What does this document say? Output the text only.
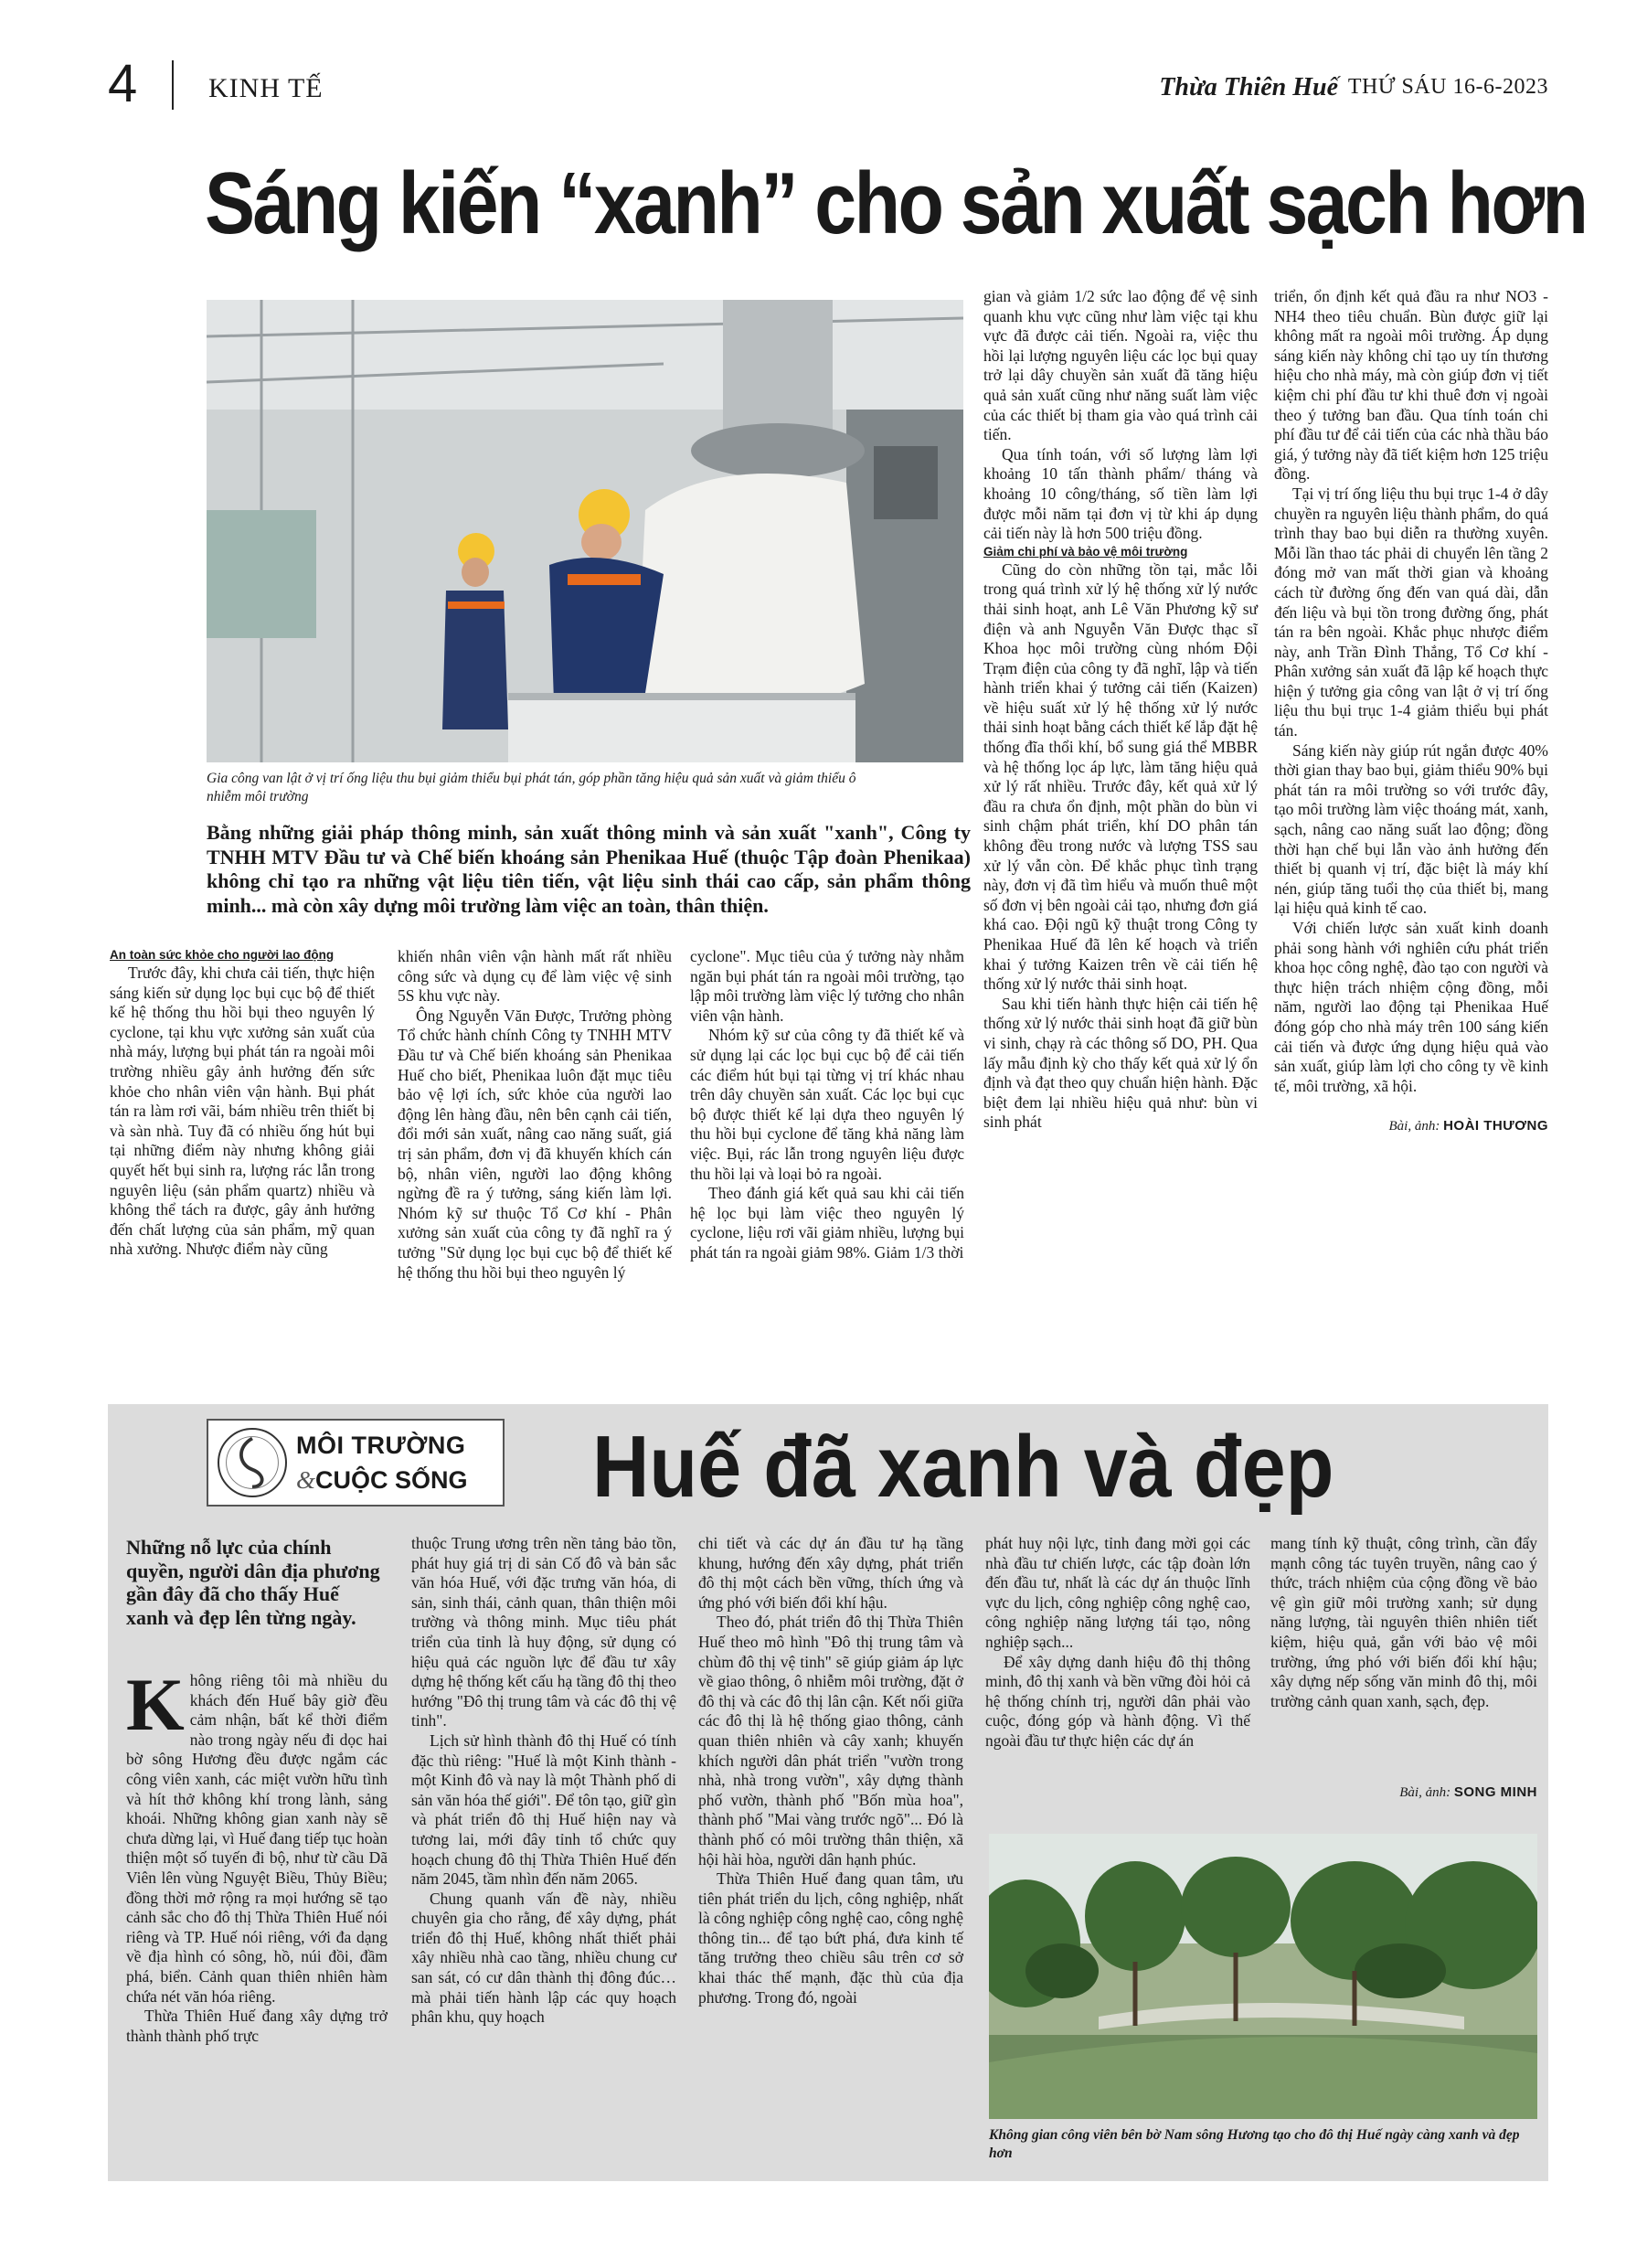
4	KINH TẾ	Thừa Thiên Huế THỨ SÁU 16-6-2023
Sáng kiến “xanh” cho sản xuất sạch hơn
Gia công van lật ở vị trí ống liệu thu bụi giảm thiểu bụi phát tán, góp phần tăng hiệu quả sản xuất và giảm thiểu ô nhiễm môi trường
Bằng những giải pháp thông minh, sản xuất thông minh và sản xuất "xanh", Công ty TNHH MTV Đầu tư và Chế biến khoáng sản Phenikaa Huế (thuộc Tập đoàn Phenikaa) không chỉ tạo ra những vật liệu tiên tiến, vật liệu sinh thái cao cấp, sản phẩm thông minh... mà còn xây dựng môi trường làm việc an toàn, thân thiện.

An toàn sức khỏe cho người lao động

Trước đây, khi chưa cải tiến, thực hiện sáng kiến sử dụng lọc bụi cục bộ để thiết kế hệ thống thu hồi bụi theo nguyên lý cyclone, tại khu vực xưởng sản xuất của nhà máy, lượng bụi phát tán ra ngoài môi trường nhiều gây ảnh hưởng đến sức khỏe cho nhân viên vận hành. Bụi phát tán ra làm rơi vãi, bám nhiều trên thiết bị và sàn nhà. Tuy đã có nhiều ống hút bụi tại những điểm này nhưng không giải quyết hết bụi sinh ra, lượng rác lẫn trong nguyên liệu (sản phẩm quartz) nhiều và không thể tách ra được, gây ảnh hưởng đến chất lượng của sản phẩm, mỹ quan nhà xưởng. Nhược điểm này cũng

khiến nhân viên vận hành mất rất nhiều công sức và dụng cụ để làm việc vệ sinh 5S khu vực này.

Ông Nguyễn Văn Được, Trưởng phòng Tổ chức hành chính Công ty TNHH MTV Đầu tư và Chế biến khoáng sản Phenikaa Huế cho biết, Phenikaa luôn đặt mục tiêu bảo vệ lợi ích, sức khỏe của người lao động lên hàng đầu, nên bên cạnh cải tiến, đổi mới sản xuất, nâng cao năng suất, giá trị sản phẩm, đơn vị đã khuyến khích cán bộ, nhân viên, người lao động không ngừng đề ra ý tưởng, sáng kiến làm lợi. Nhóm kỹ sư thuộc Tổ Cơ khí - Phân xưởng sản xuất của công ty đã nghĩ ra ý tưởng "Sử dụng lọc bụi cục bộ để thiết kế hệ thống thu hồi bụi theo nguyên lý

cyclone". Mục tiêu của ý tưởng này nhằm ngăn bụi phát tán ra ngoài môi trường, tạo lập môi trường làm việc lý tưởng cho nhân viên vận hành.

Nhóm kỹ sư của công ty đã thiết kế và sử dụng lại các lọc bụi cục bộ để cải tiến các điểm hút bụi tại từng vị trí khác nhau trên dây chuyền sản xuất. Các lọc bụi cục bộ được thiết kế lại dựa theo nguyên lý thu hồi bụi cyclone để tăng khả năng làm việc. Bụi, rác lẫn trong nguyên liệu được thu hồi lại và loại bỏ ra ngoài.

Theo đánh giá kết quả sau khi cải tiến hệ lọc bụi làm việc theo nguyên lý cyclone, liệu rơi vãi giảm nhiều, lượng bụi phát tán ra ngoài giảm 98%. Giảm 1/3 thời

gian và giảm 1/2 sức lao động để vệ sinh quanh khu vực cũng như làm việc tại khu vực đã được cải tiến. Ngoài ra, việc thu hồi lại lượng nguyên liệu các lọc bụi quay trở lại dây chuyền sản xuất đã tăng hiệu quả sản xuất cũng như năng suất làm việc của các thiết bị tham gia vào quá trình cải tiến.

Qua tính toán, với số lượng làm lợi khoảng 10 tấn thành phẩm/ tháng và khoảng 10 công/tháng, số tiền làm lợi được mỗi năm tại đơn vị từ khi áp dụng cải tiến này là hơn 500 triệu đồng.

Giảm chi phí và bảo vệ môi trường

Cũng do còn những tồn tại, mắc lỗi trong quá trình xử lý hệ thống xử lý nước thải sinh hoạt, anh Lê Văn Phương kỹ sư điện và anh Nguyễn Văn Được thạc sĩ Khoa học môi trường cùng nhóm Đội Trạm điện của công ty đã nghĩ, lập và tiến hành triển khai ý tưởng cải tiến (Kaizen) về hiệu suất xử lý hệ thống xử lý nước thải sinh hoạt bằng cách thiết kế lắp đặt hệ thống đĩa thổi khí, bổ sung giá thể MBBR và hệ thống lọc áp lực, làm tăng hiệu quả xử lý rất nhiều. Trước đây, kết quả xử lý đầu ra chưa ổn định, một phần do bùn vi sinh chậm phát triển, khí DO phân tán không đều trong nước và lượng TSS sau xử lý vẫn còn. Để khắc phục tình trạng này, đơn vị đã tìm hiểu và muốn thuê một số đơn vị bên ngoài cải tạo, nhưng đơn giá khá cao. Đội ngũ kỹ thuật trong Công ty Phenikaa Huế đã lên kế hoạch và triển khai ý tưởng Kaizen trên về cải tiến hệ thống xử lý nước thải sinh hoạt.

Sau khi tiến hành thực hiện cải tiến hệ thống xử lý nước thải sinh hoạt đã giữ bùn vi sinh, chạy rà các thông số DO, PH. Qua lấy mẫu định kỳ cho thấy kết quả xử lý ổn định và đạt theo quy chuẩn hiện hành. Đặc biệt đem lại nhiều hiệu quả như: bùn vi sinh phát

triển, ổn định kết quả đầu ra như NO3 - NH4 theo tiêu chuẩn. Bùn được giữ lại không mất ra ngoài môi trường. Áp dụng sáng kiến này không chỉ tạo uy tín thương hiệu cho nhà máy, mà còn giúp đơn vị tiết kiệm chi phí đầu tư khi thuê đơn vị ngoài theo ý tưởng ban đầu. Qua tính toán chi phí đầu tư để cải tiến của các nhà thầu báo giá, ý tưởng này đã tiết kiệm hơn 125 triệu đồng.

Tại vị trí ống liệu thu bụi trục 1-4 ở dây chuyền ra nguyên liệu thành phẩm, do quá trình thay bao bụi diễn ra thường xuyên. Mỗi lần thao tác phải di chuyển lên tầng 2 đóng mở van mất thời gian và khoảng cách từ đường ống đến van quá dài, dẫn đến liệu và bụi tồn trong đường ống, phát tán ra bên ngoài. Khắc phục nhược điểm này, anh Trần Đình Thắng, Tổ Cơ khí - Phân xưởng sản xuất đã lập kế hoạch thực hiện ý tưởng gia công van lật ở vị trí ống liệu thu bụi trục 1-4 giảm thiểu bụi phát tán.

Sáng kiến này giúp rút ngắn được 40% thời gian thay bao bụi, giảm thiểu 90% bụi phát tán ra môi trường so với trước đây, tạo môi trường làm việc thoáng mát, xanh, sạch, nâng cao năng suất lao động; đồng thời hạn chế bụi lẫn vào ảnh hưởng đến thiết bị quanh vị trí, đặc biệt là máy khí nén, giúp tăng tuổi thọ của thiết bị, mang lại hiệu quả kinh tế cao.

Với chiến lược sản xuất kinh doanh phải song hành với nghiên cứu phát triển khoa học công nghệ, đào tạo con người và thực hiện trách nhiệm cộng đồng, mỗi năm, người lao động tại Phenikaa Huế đóng góp cho nhà máy trên 100 sáng kiến cải tiến và được ứng dụng hiệu quả vào sản xuất, giúp làm lợi cho công ty về kinh tế, môi trường, xã hội.

Bài, ảnh: HOÀI THƯƠNG

MÔI TRƯỜNG
&CUỘC SỐNG Huế đã xanh và đẹp
Những nỗ lực của chính quyền, người dân địa phương gần đây đã cho thấy Huế xanh và đẹp lên từng ngày.

Không riêng tôi mà nhiều du khách đến Huế bây giờ đều cảm nhận, bất kể thời điểm nào trong ngày nếu đi dọc hai bờ sông Hương đều được ngắm các công viên xanh, các miệt vườn hữu tình và hít thở không khí trong lành, sảng khoái. Những không gian xanh này sẽ chưa dừng lại, vì Huế đang tiếp tục hoàn thiện một số tuyến đi bộ, như từ cầu Dã Viên lên vùng Nguyệt Biều, Thủy Biều; đồng thời mở rộng ra mọi hướng sẽ tạo cảnh sắc cho đô thị Thừa Thiên Huế nói riêng và TP. Huế nói riêng, với đa dạng về địa hình có sông, hồ, núi đồi, đầm phá, biển. Cảnh quan thiên nhiên hàm chứa nét văn hóa riêng.

Thừa Thiên Huế đang xây dựng trở thành thành phố trực

thuộc Trung ương trên nền tảng bảo tồn, phát huy giá trị di sản Cố đô và bản sắc văn hóa Huế, với đặc trưng văn hóa, di sản, sinh thái, cảnh quan, thân thiện môi trường và thông minh. Mục tiêu phát triển của tỉnh là huy động, sử dụng có hiệu quả các nguồn lực để đầu tư xây dựng hệ thống kết cấu hạ tầng đô thị theo hướng "Đô thị trung tâm và các đô thị vệ tinh".

Lịch sử hình thành đô thị Huế có tính đặc thù riêng: "Huế là một Kinh thành - một Kinh đô và nay là một Thành phố di sản văn hóa thế giới". Để tôn tạo, giữ gìn và phát triển đô thị Huế hiện nay và tương lai, mới đây tỉnh tổ chức quy hoạch chung đô thị Thừa Thiên Huế đến năm 2045, tầm nhìn đến năm 2065.

Chung quanh vấn đề này, nhiều chuyên gia cho rằng, để xây dựng, phát triển đô thị Huế, không nhất thiết phải xây nhiều nhà cao tầng, nhiều chung cư san sát, có cư dân thành thị đông đúc… mà phải tiến hành lập các quy hoạch phân khu, quy hoạch

chi tiết và các dự án đầu tư hạ tầng khung, hướng đến xây dựng, phát triển đô thị một cách bền vững, thích ứng và ứng phó với biến đổi khí hậu.

Theo đó, phát triển đô thị Thừa Thiên Huế theo mô hình "Đô thị trung tâm và chùm đô thị vệ tinh" sẽ giúp giảm áp lực về giao thông, ô nhiễm môi trường, đặt ở đô thị và các đô thị lân cận. Kết nối giữa các đô thị là hệ thống giao thông, cảnh quan thiên nhiên và cây xanh; khuyến khích người dân phát triển "vườn trong nhà, nhà trong vườn", xây dựng thành phố vườn, thành phố "Bốn mùa hoa", thành phố "Mai vàng trước ngõ"... Đó là thành phố có môi trường thân thiện, xã hội hài hòa, người dân hạnh phúc.

Thừa Thiên Huế đang quan tâm, ưu tiên phát triển du lịch, công nghiệp, nhất là công nghiệp công nghệ cao, công nghệ thông tin... để tạo bứt phá, đưa kinh tế tăng trưởng theo chiều sâu trên cơ sở khai thác thế mạnh, đặc thù của địa phương. Trong đó, ngoài

phát huy nội lực, tỉnh đang mời gọi các nhà đầu tư chiến lược, các tập đoàn lớn đến đầu tư, nhất là các dự án thuộc lĩnh vực du lịch, công nghiệp công nghệ cao, công nghiệp năng lượng tái tạo, nông nghiệp sạch...

Để xây dựng danh hiệu đô thị thông minh, đô thị xanh và bền vững đòi hỏi cả hệ thống chính trị, người dân phải vào cuộc, đóng góp và hành động. Vì thế ngoài đầu tư thực hiện các dự án

mang tính kỹ thuật, công trình, cần đẩy mạnh công tác tuyên truyền, nâng cao ý thức, trách nhiệm của cộng đồng về bảo vệ gìn giữ môi trường xanh; sử dụng năng lượng, tài nguyên thiên nhiên tiết kiệm, hiệu quả, gắn với bảo vệ môi trường, ứng phó với biến đổi khí hậu; xây dựng nếp sống văn minh đô thị, môi trường cảnh quan xanh, sạch, đẹp.

Bài, ảnh: SONG MINH

Không gian công viên bên bờ Nam sông Hương tạo cho đô thị Huế ngày càng xanh và đẹp hơn
